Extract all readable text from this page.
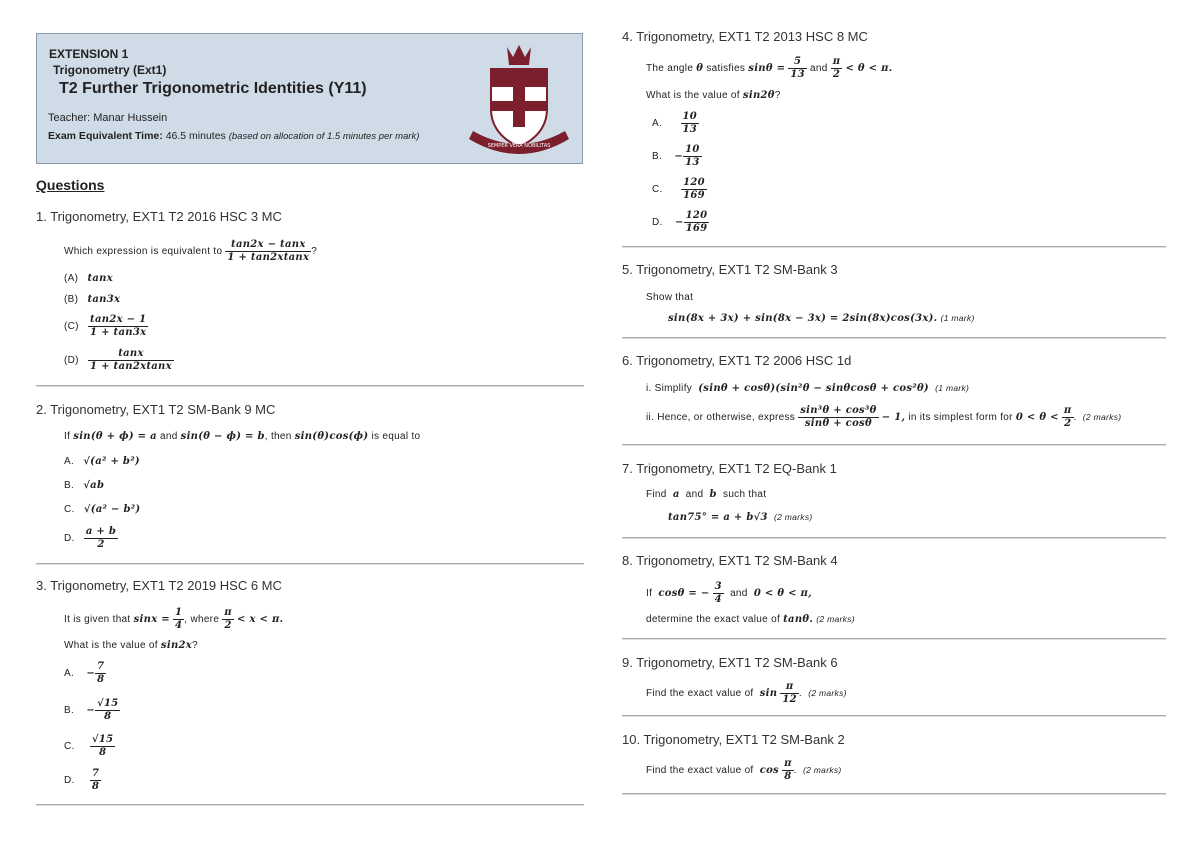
EXTENSION 1
Trigonometry (Ext1)
T2 Further Trigonometric Identities (Y11)
Teacher: Manar Hussein
Exam Equivalent Time: 46.5 minutes (based on allocation of 1.5 minutes per mark)
SEMPER VERA NOBILITAS
Questions
1. Trigonometry, EXT1 T2 2016 HSC 3 MC
Which expression is equivalent to $\frac{\tan 2x - \tan x}{1 + \tan 2xtanx}$ ?
(A) tanx
(B) tan3x
$(C) \frac{\tan 2x - 1}{1 + \tan 3x}$
$(D) \frac{\tan x}{1 + \tan 2xtanx}$
2. Trigonometry, EXT1 T2 SM-Bank 9 MC
If sin(θ + ϕ) = a and sin(θ − ϕ) = b, then sin(θ)cos(ϕ) is equal to
A. √(a² + b²)
B. √ab
C. √(a² − b²)
D. $\frac{a + b}{2}$
3. Trigonometry, EXT1 T2 2019 HSC 6 MC
It is given that $\sin x = \frac{1}{4}$ , where $\frac{\pi}{2} < x < \pi$.
What is the value of sin2x?
A. − $\frac{7}{8}$
B. − $\frac{√15}{8}$
C. $\frac{√15}{8}$
D. $\frac{7}{8}$
4. Trigonometry, EXT1 T2 2013 HSC 8 MC
The angle θ satisfies $\sin\theta = \frac{5}{13}$ and $\frac{\pi}{2} < \theta < \pi$.
What is the value of sin2θ?
A. $\frac{10}{13}$
B. − $\frac{10}{13}$
C. $\frac{120}{169}$
D. − $\frac{120}{169}$
5. Trigonometry, EXT1 T2 SM-Bank 3
Show that
sin(8x + 3x) + sin(8x − 3x) = 2sin(8x)cos(3x). (1 mark)
6. Trigonometry, EXT1 T2 2006 HSC 1d
i. Simplify (sinθ + cosθ)(sin²θ − sinθcosθ + cos²θ) (1 mark)
ii. Hence, or otherwise, express $\frac{\text{sin³θ + cos³θ}}{\sin\theta + \cos\theta} - 1$, in its simplest form for $0 < \theta < \frac{\pi}{2}$ . (2 marks)
7. Trigonometry, EXT1 T2 EQ-Bank 1
Find a and b such that
tan75° = a + b√3 (2 marks)
8. Trigonometry, EXT1 T2 SM-Bank 4
If cosθ = − $\frac{3}{4}$ and 0 < θ < π,
determine the exact value of tanθ. (2 marks)
9. Trigonometry, EXT1 T2 SM-Bank 6
Find the exact value of $\sin \frac{\pi}{12}$ . (2 marks)
10. Trigonometry, EXT1 T2 SM-Bank 2
Find the exact value of $\cos \frac{\pi}{8}$ . (2 marks)
